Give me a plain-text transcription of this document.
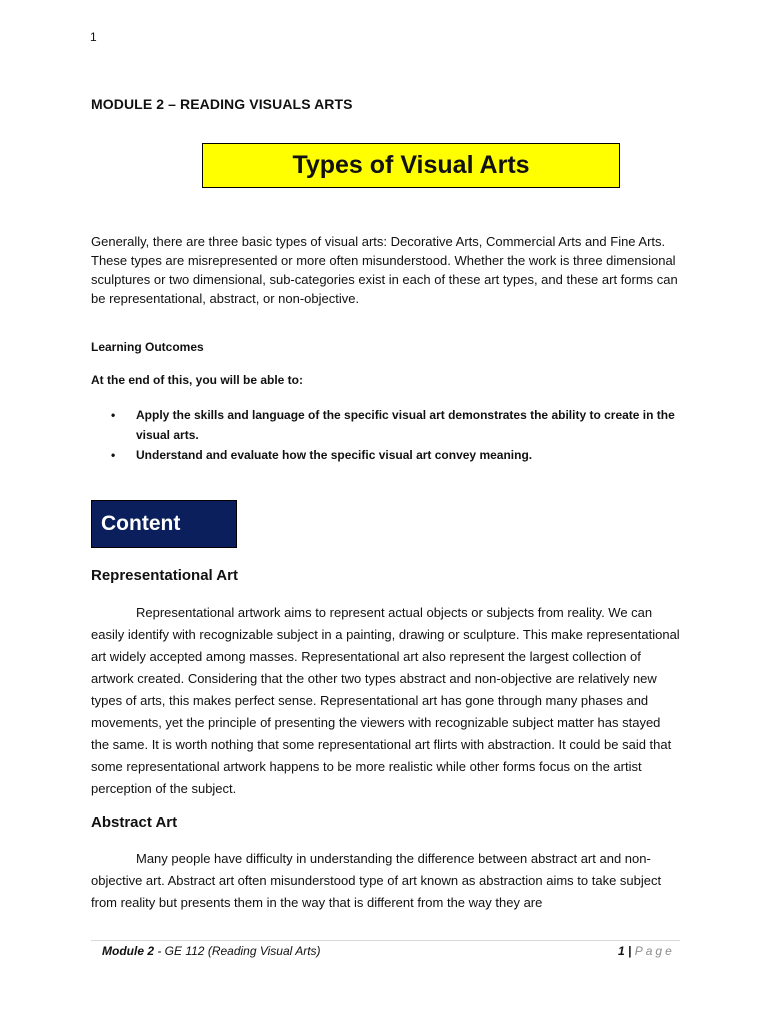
1
MODULE 2 – READING VISUALS ARTS
Types of Visual Arts
Generally, there are three basic types of visual arts: Decorative Arts, Commercial Arts and Fine Arts. These types are misrepresented or more often misunderstood. Whether the work is three dimensional sculptures or two dimensional, sub-categories exist in each of these art types, and these art forms can be representational, abstract, or non-objective.
Learning Outcomes
At the end of this, you will be able to:
• Apply the skills and language of the specific visual art demonstrates the ability to create in the visual arts.
• Understand and evaluate how the specific visual art convey meaning.
Content
Representational Art

Representational artwork aims to represent actual objects or subjects from reality. We can easily identify with recognizable subject in a painting, drawing or sculpture. This make representational art widely accepted among masses. Representational art also represent the largest collection of artwork created. Considering that the other two types abstract and non-objective are relatively new types of arts, this makes perfect sense. Representational art has gone through many phases and movements, yet the principle of presenting the viewers with recognizable subject matter has stayed the same. It is worth nothing that some representational art flirts with abstraction. It could be said that some representational artwork happens to be more realistic while other forms focus on the artist perception of the subject.

Abstract Art

Many people have difficulty in understanding the difference between abstract art and non-objective art. Abstract art often misunderstood type of art known as abstraction aims to take subject from reality but presents them in the way that is different from the way they are

Module 2 - GE 112 (Reading Visual Arts)	1 | Page
